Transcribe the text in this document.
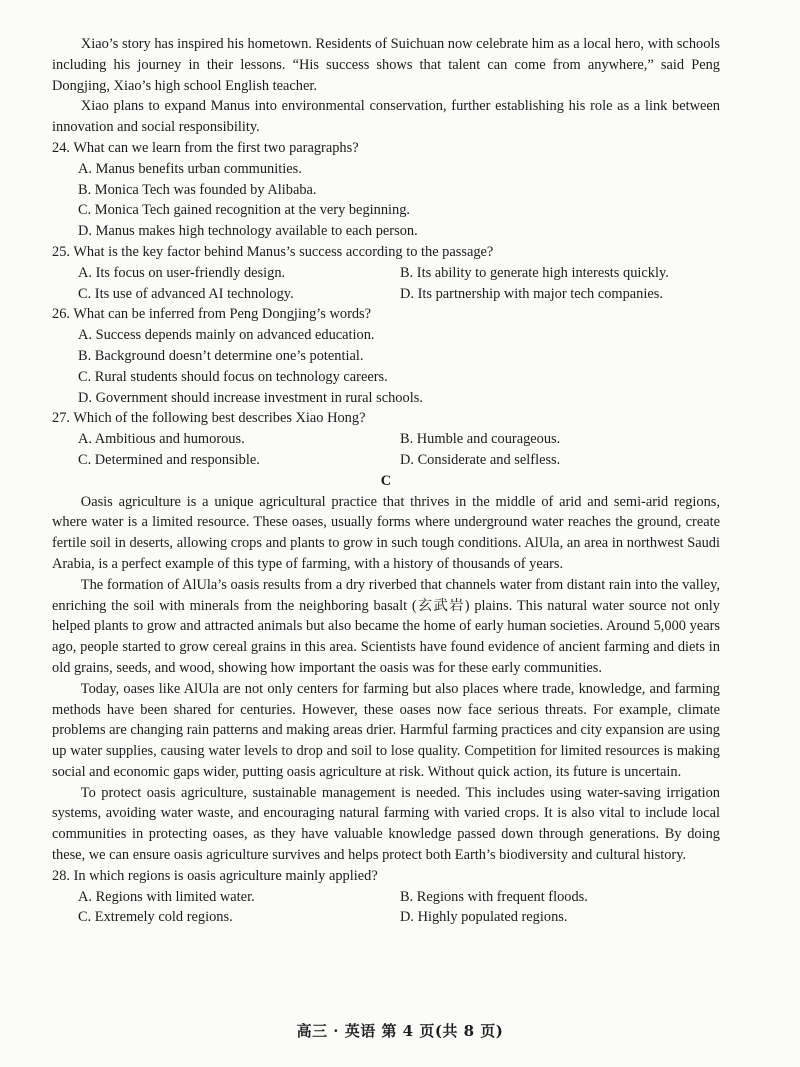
Xiao’s story has inspired his hometown. Residents of Suichuan now celebrate him as a local hero, with schools including his journey in their lessons. “His success shows that talent can come from anywhere,” said Peng Dongjing, Xiao’s high school English teacher.

Xiao plans to expand Manus into environmental conservation, further establishing his role as a link between innovation and social responsibility.

24. What can we learn from the first two paragraphs?

A. Manus benefits urban communities.

B. Monica Tech was founded by Alibaba.

C. Monica Tech gained recognition at the very beginning.

D. Manus makes high technology available to each person.

25. What is the key factor behind Manus’s success according to the passage?

A. Its focus on user-friendly design.	B. Its ability to generate high interests quickly.
C. Its use of advanced AI technology.	D. Its partnership with major tech companies.

26. What can be inferred from Peng Dongjing’s words?

A. Success depends mainly on advanced education.

B. Background doesn’t determine one’s potential.

C. Rural students should focus on technology careers.

D. Government should increase investment in rural schools.

27. Which of the following best describes Xiao Hong?

A. Ambitious and humorous.	B. Humble and courageous.
C. Determined and responsible.	D. Considerate and selfless.

C

Oasis agriculture is a unique agricultural practice that thrives in the middle of arid and semi-arid regions, where water is a limited resource. These oases, usually forms where underground water reaches the ground, create fertile soil in deserts, allowing crops and plants to grow in such tough conditions. AlUla, an area in northwest Saudi Arabia, is a perfect example of this type of farming, with a history of thousands of years.

The formation of AlUla’s oasis results from a dry riverbed that channels water from distant rain into the valley, enriching the soil with minerals from the neighboring basalt (玄武岩) plains. This natural water source not only helped plants to grow and attracted animals but also became the home of early human societies. Around 5,000 years ago, people started to grow cereal grains in this area. Scientists have found evidence of ancient farming and diets in old grains, seeds, and wood, showing how important the oasis was for these early communities.

Today, oases like AlUla are not only centers for farming but also places where trade, knowledge, and farming methods have been shared for centuries. However, these oases now face serious threats. For example, climate problems are changing rain patterns and making areas drier. Harmful farming practices and city expansion are using up water supplies, causing water levels to drop and soil to lose quality. Competition for limited resources is making social and economic gaps wider, putting oasis agriculture at risk. Without quick action, its future is uncertain.

To protect oasis agriculture, sustainable management is needed. This includes using water-saving irrigation systems, avoiding water waste, and encouraging natural farming with varied crops. It is also vital to include local communities in protecting oases, as they have valuable knowledge passed down through generations. By doing these, we can ensure oasis agriculture survives and helps protect both Earth’s biodiversity and cultural history.

28. In which regions is oasis agriculture mainly applied?

A. Regions with limited water.	B. Regions with frequent floods.
C. Extremely cold regions.	D. Highly populated regions.
高三 · 英语 第 4 页(共 8 页)
